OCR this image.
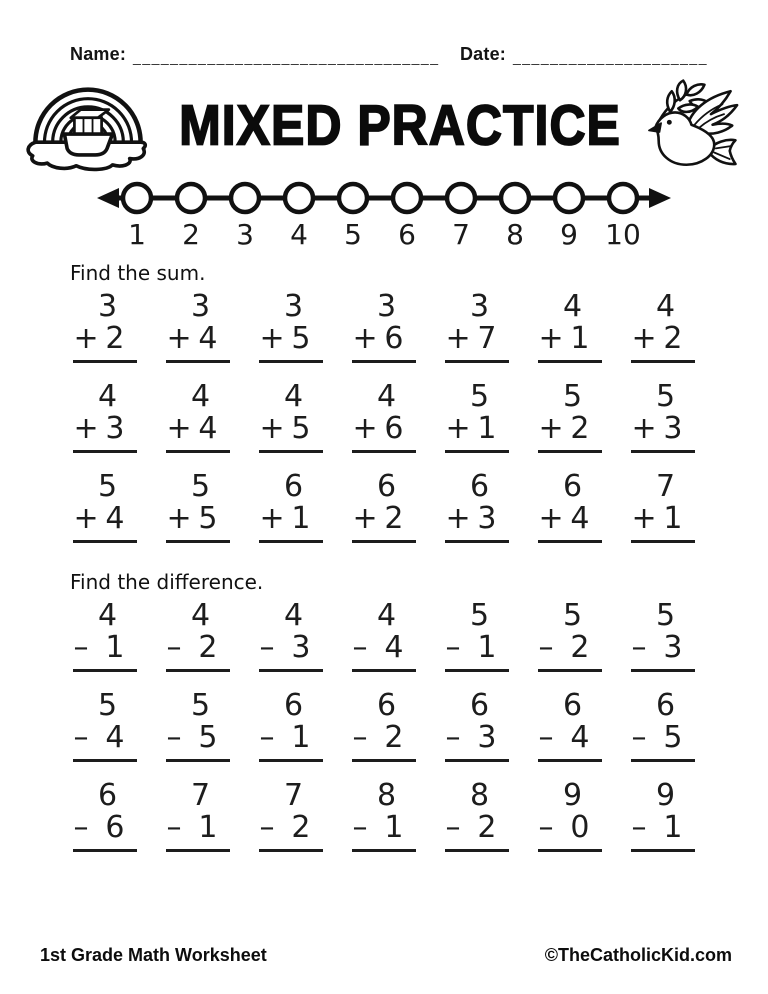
Name: _________________________________ Date: _____________________
MIXED PRACTICE
1	2	3	4	5	6	7	8	9 10

Find the sum.

3
+ 2
3
+ 4
3
+ 5
3
+ 6
3
+ 7
4
+ 1
4
+ 2
4
+ 3
4
+ 4
4
+ 5
4
+ 6
5
+ 1
5
+ 2
5
+ 3
5
+ 4
5
+ 5
6
+ 1
6
+ 2
6
+ 3
6
+ 4
7
+ 1

Find the difference.

4
– 1
4
– 2
4
– 3
4
– 4
5
– 1
5
– 2
5
– 3
5
– 4
5
– 5
6
– 1
6
– 2
6
– 3
6
– 4
6
– 5
6
– 6
7
– 1
7
– 2
8
– 1
8
– 2
9
– 0
9
– 1
1st Grade Math Worksheet	©TheCatholicKid.com
